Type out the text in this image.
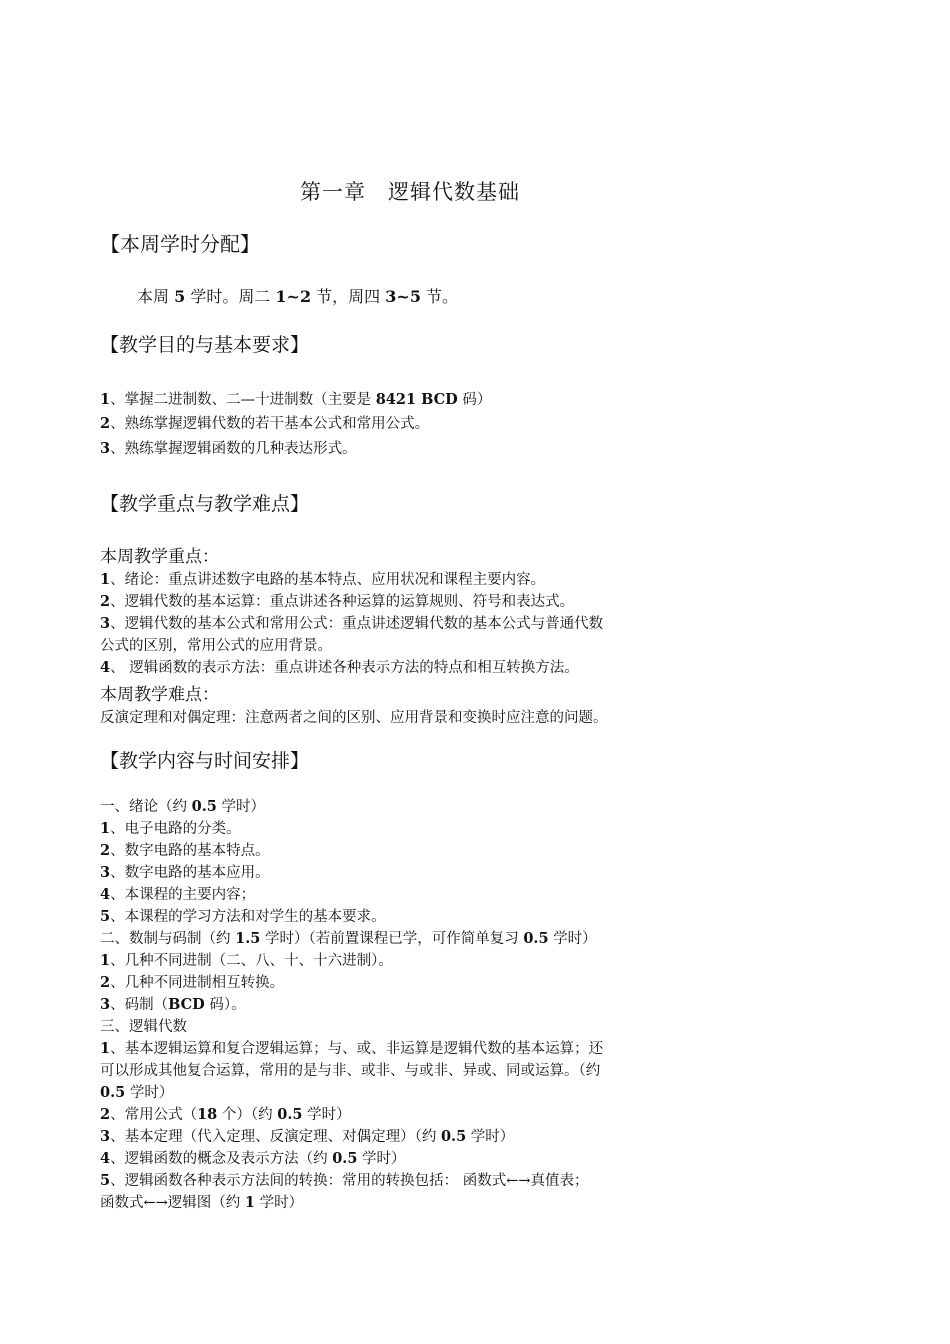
第一章 逻辑代数基础
【本周学时分配】
本周 5 学时。周二 1~2 节，周四 3~5 节。
【教学目的与基本要求】
1、掌握二进制数、二—十进制数（主要是 8421 BCD 码）
2、熟练掌握逻辑代数的若干基本公式和常用公式。
3、熟练掌握逻辑函数的几种表达形式。
【教学重点与教学难点】
本周教学重点：
1、绪论：重点讲述数字电路的基本特点、应用状况和课程主要内容。
2、逻辑代数的基本运算：重点讲述各种运算的运算规则、符号和表达式。
3、逻辑代数的基本公式和常用公式：重点讲述逻辑代数的基本公式与普通代数
公式的区别，常用公式的应用背景。
4、 逻辑函数的表示方法：重点讲述各种表示方法的特点和相互转换方法。
本周教学难点：
反演定理和对偶定理：注意两者之间的区别、应用背景和变换时应注意的问题。
【教学内容与时间安排】
一、绪论（约 0.5 学时）
1、电子电路的分类。
2、数字电路的基本特点。
3、数字电路的基本应用。
4、本课程的主要内容；
5、本课程的学习方法和对学生的基本要求。
二、数制与码制（约 1.5 学时）（若前置课程已学，可作简单复习 0.5 学时）
1、几种不同进制（二、八、十、十六进制）。
2、几种不同进制相互转换。
3、码制（BCD 码）。
三、逻辑代数
1、基本逻辑运算和复合逻辑运算；与、或、非运算是逻辑代数的基本运算；还
可以形成其他复合运算，常用的是与非、或非、与或非、异或、同或运算。（约
0.5 学时）
2、常用公式（18 个）（约 0.5 学时）
3、基本定理（代入定理、反演定理、对偶定理）（约 0.5 学时）
4、逻辑函数的概念及表示方法（约 0.5 学时）
5、逻辑函数各种表示方法间的转换：常用的转换包括： 函数式←→真值表；
函数式←→逻辑图（约 1 学时）
